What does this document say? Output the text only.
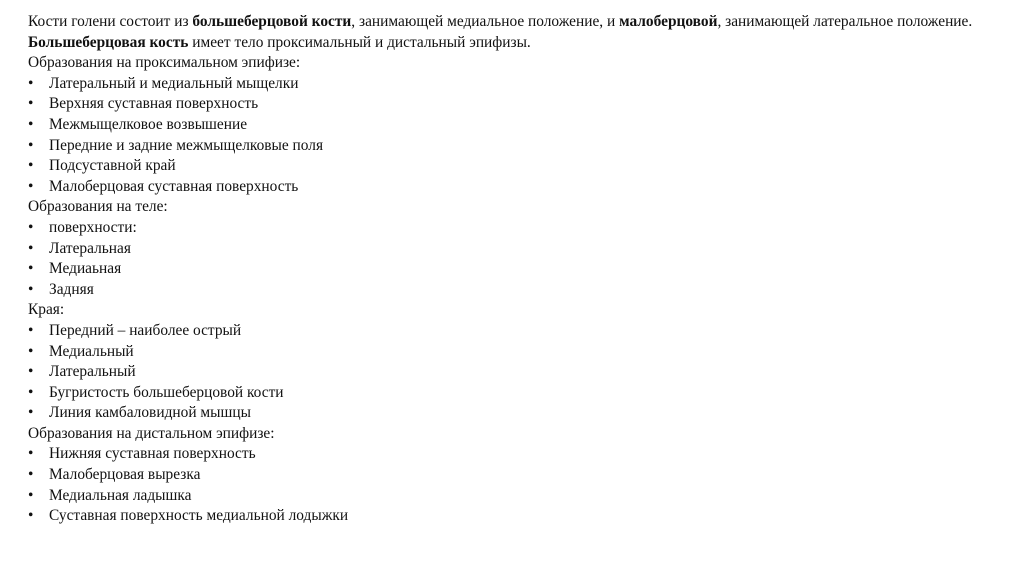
Кости голени состоит из большеберцовой кости, занимающей медиальное положение, и малоберцовой, занимающей латеральное положение.
Большеберцовая кость имеет тело проксимальный и дистальный эпифизы.
Образования на проксимальном эпифизе:
• Латеральный и медиальный мыщелки
• Верхняя суставная поверхность
• Межмыщелковое возвышение
• Передние и задние межмыщелковые поля
• Подсуставной край
• Малоберцовая суставная поверхность
Образования на теле:
• поверхности:
• Латеральная
• Медиаьная
• Задняя
Края:
• Передний – наиболее острый
• Медиальный
• Латеральный
• Бугристость большеберцовой кости
• Линия камбаловидной мышцы
Образования на дистальном эпифизе:
• Нижняя суставная поверхность
• Малоберцовая вырезка
• Медиальная ладышка
• Суставная поверхность медиальной лодыжки
